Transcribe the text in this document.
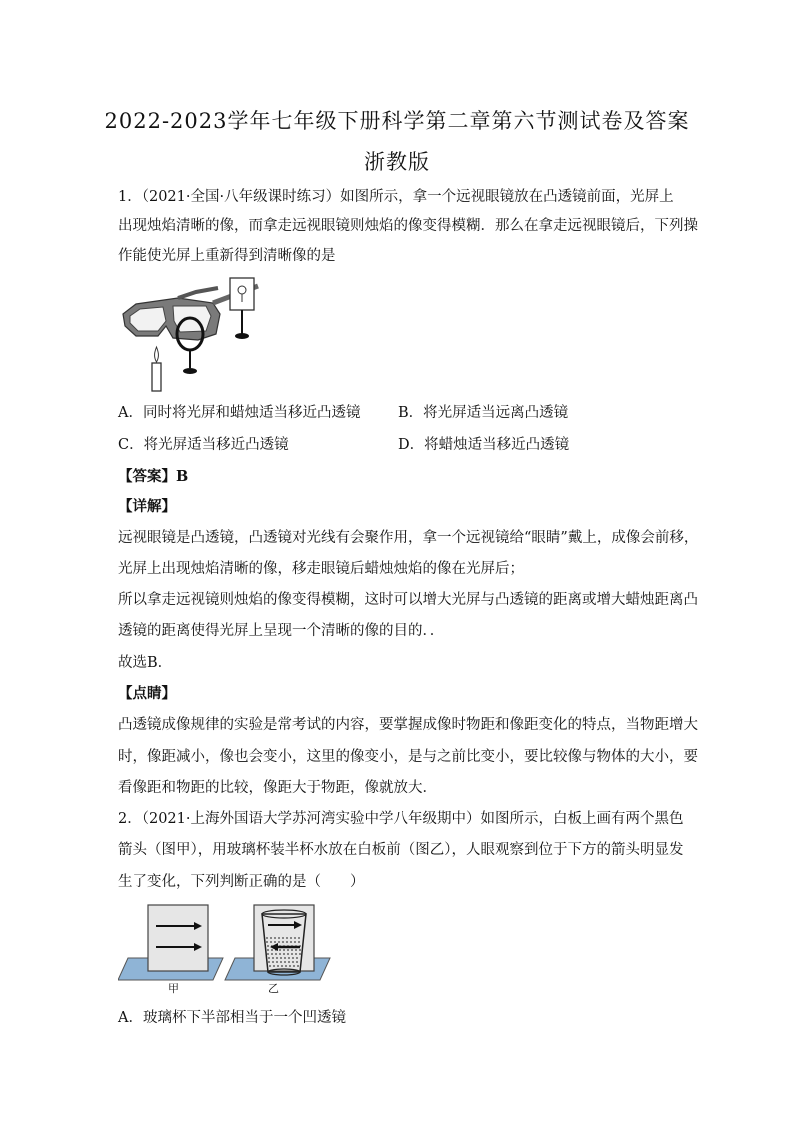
2022-2023学年七年级下册科学第二章第六节测试卷及答案
浙教版
1．（2021·全国·八年级课时练习）如图所示，拿一个远视眼镜放在凸透镜前面，光屏上
出现烛焰清晰的像，而拿走远视眼镜则烛焰的像变得模糊．那么在拿走远视眼镜后，下列操
作能使光屏上重新得到清晰像的是
A．同时将光屏和蜡烛适当移近凸透镜	B．将光屏适当远离凸透镜
C．将光屏适当移近凸透镜	D．将蜡烛适当移近凸透镜
【答案】B
【详解】
远视眼镜是凸透镜，凸透镜对光线有会聚作用，拿一个远视镜给“眼睛”戴上，成像会前移，
光屏上出现烛焰清晰的像，移走眼镜后蜡烛烛焰的像在光屏后；
所以拿走远视镜则烛焰的像变得模糊，这时可以增大光屏与凸透镜的距离或增大蜡烛距离凸
透镜的距离使得光屏上呈现一个清晰的像的目的．．
故选B．
【点睛】
凸透镜成像规律的实验是常考试的内容，要掌握成像时物距和像距变化的特点，当物距增大
时，像距减小，像也会变小，这里的像变小，是与之前比变小，要比较像与物体的大小，要
看像距和物距的比较，像距大于物距，像就放大．
2．（2021·上海外国语大学苏河湾实验中学八年级期中）如图所示，白板上画有两个黑色
箭头（图甲），用玻璃杯装半杯水放在白板前（图乙），人眼观察到位于下方的箭头明显发
生了变化，下列判断正确的是（　　）
甲	乙
A．玻璃杯下半部相当于一个凹透镜
